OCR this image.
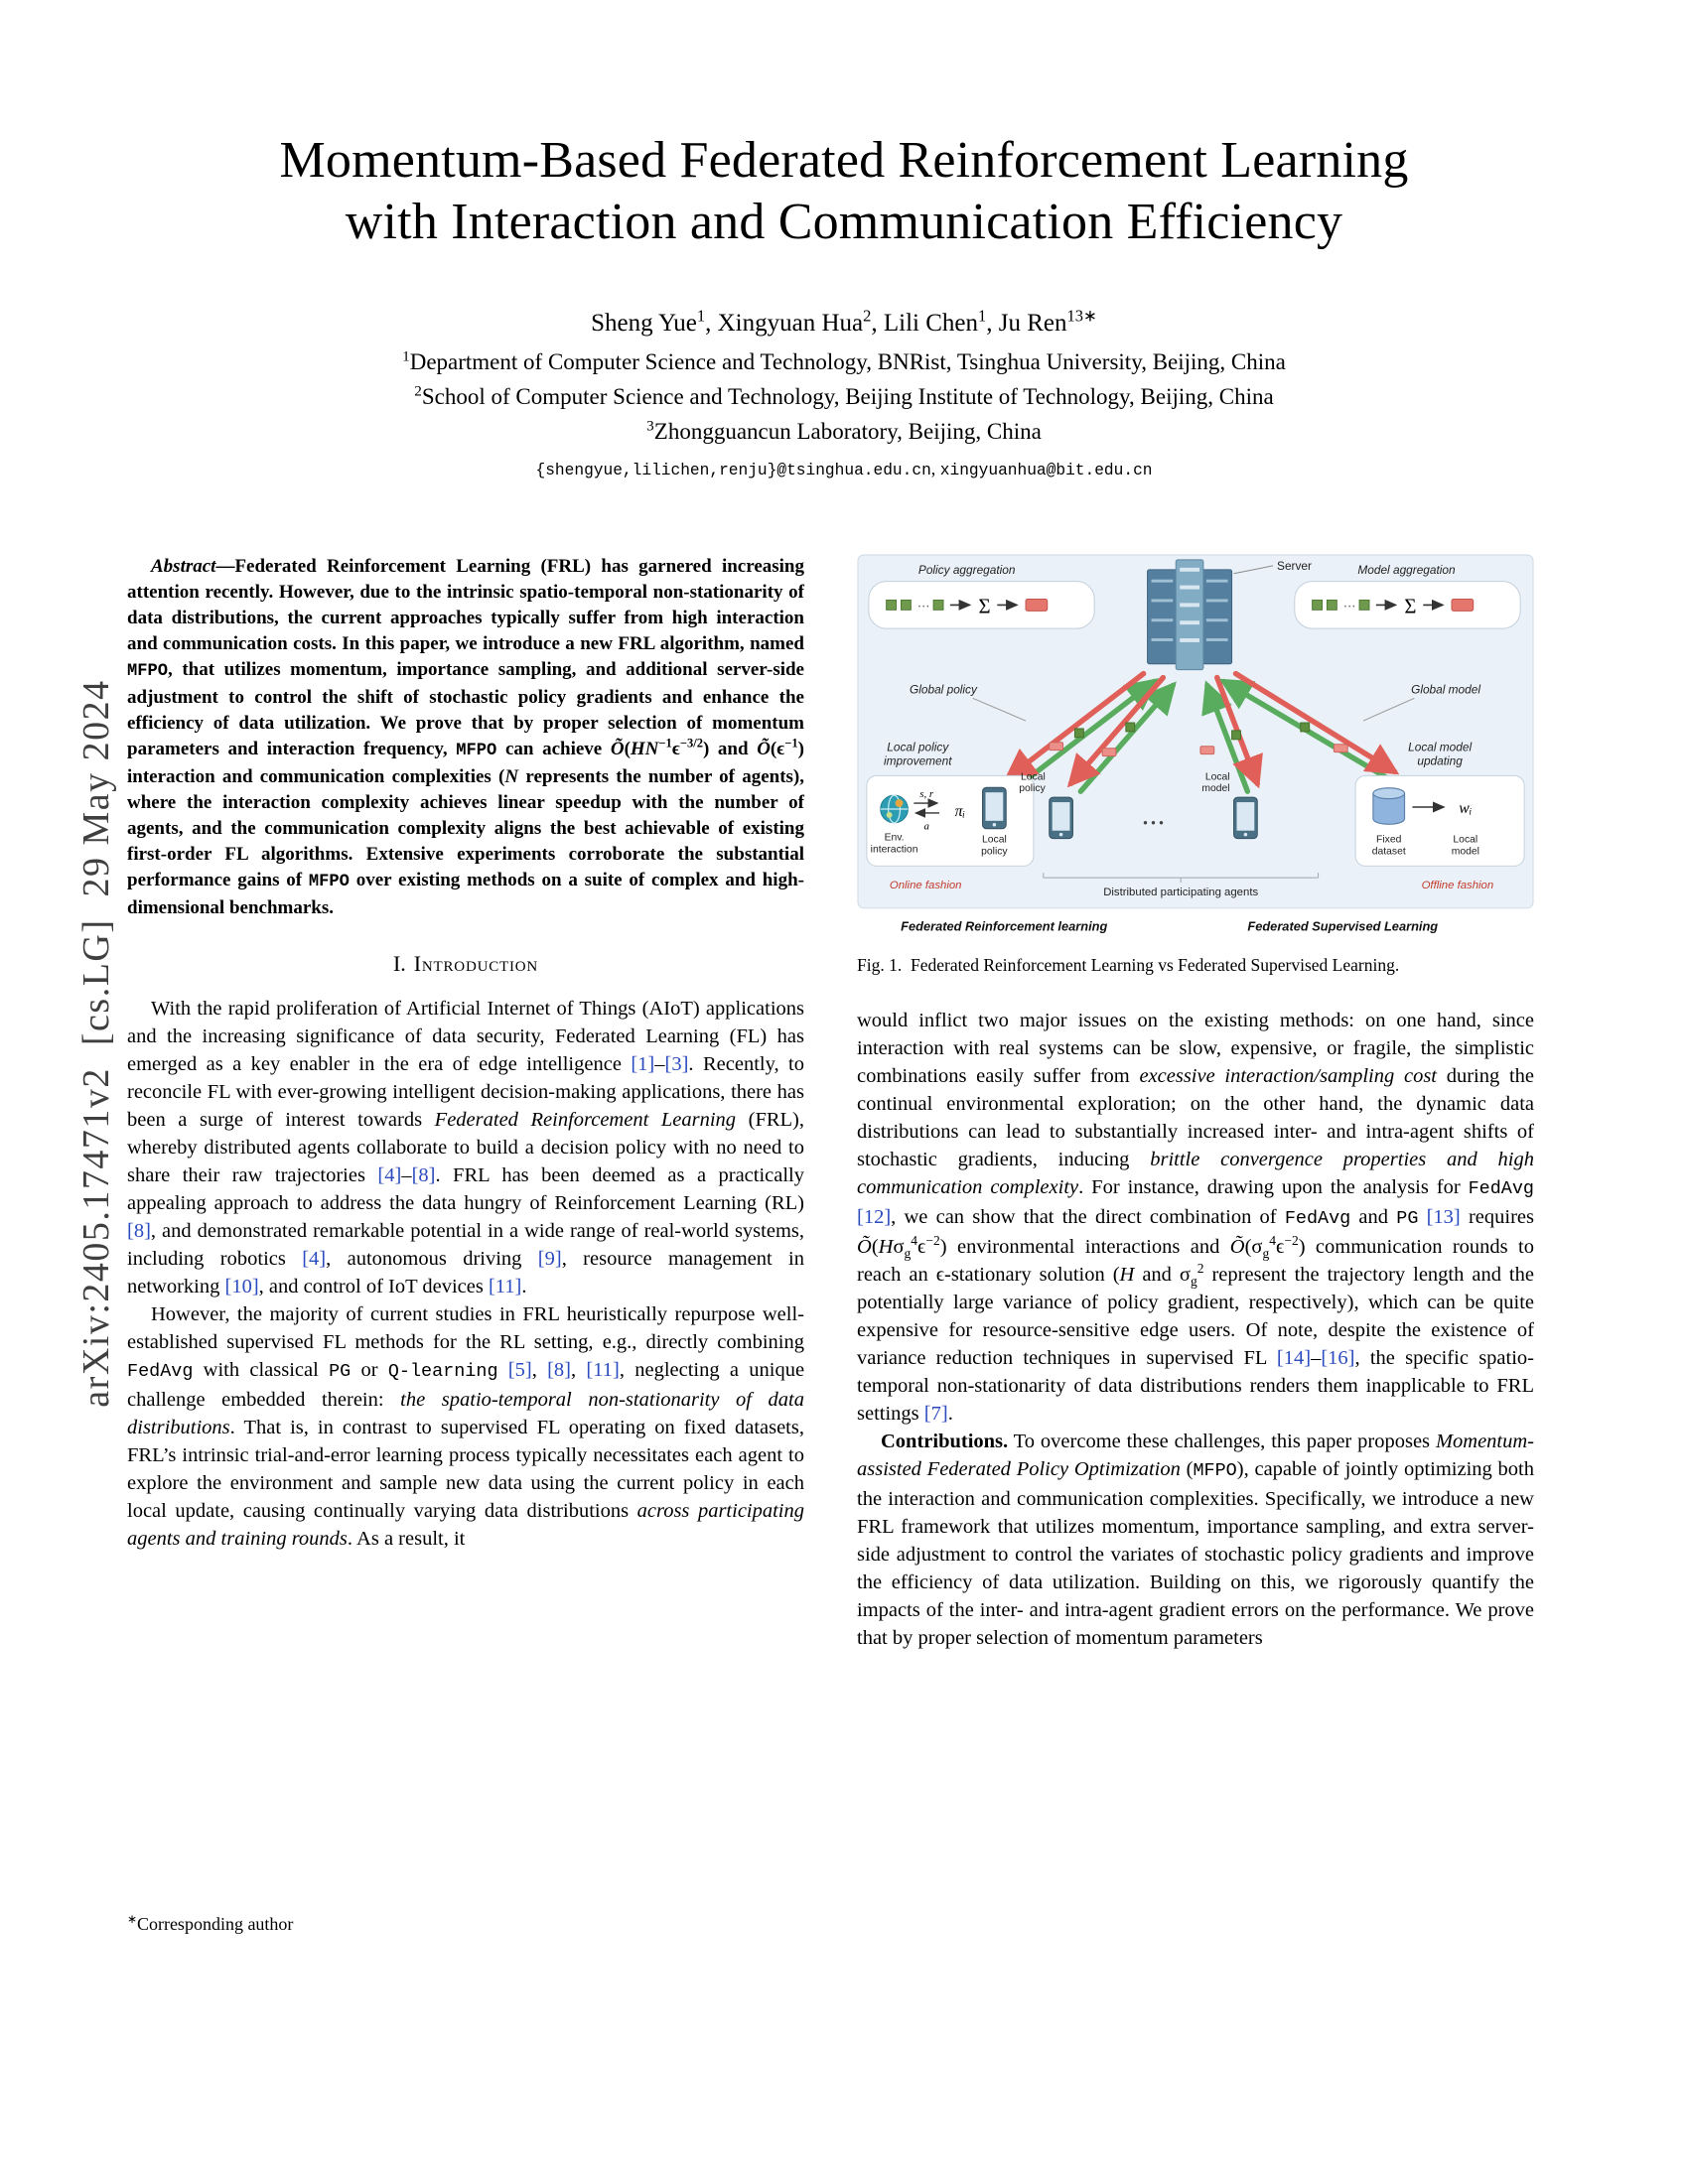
arXiv:2405.17471v2  [cs.LG]  29 May 2024
Momentum-Based Federated Reinforcement Learning
with Interaction and Communication Efficiency
Sheng Yue$^1$, Xingyuan Hua$^2$, Lili Chen$^1$, Ju Ren$^{13∗}$
$^1$Department of Computer Science and Technology, BNRist, Tsinghua University, Beijing, China
$^2$School of Computer Science and Technology, Beijing Institute of Technology, Beijing, China
$^3$Zhongguancun Laboratory, Beijing, China
{shengyue,lilichen,renju}@tsinghua.edu.cn, xingyuanhua@bit.edu.cn

Abstract—Federated Reinforcement Learning (FRL) has garnered increasing attention recently. However, due to the intrinsic spatio-temporal non-stationarity of data distributions, the current approaches typically suffer from high interaction and communication costs. In this paper, we introduce a new FRL algorithm, named MFPO, that utilizes momentum, importance sampling, and additional server-side adjustment to control the shift of stochastic policy gradients and enhance the efficiency of data utilization. We prove that by proper selection of momentum parameters and interaction frequency, MFPO can achieve $Õ(HN^{-1}\epsilon^{-3/2})$ and $Õ(\epsilon^{-1})$ interaction and communication complexities (N represents the number of agents), where the interaction complexity achieves linear speedup with the number of agents, and the communication complexity aligns the best achievable of existing first-order FL algorithms. Extensive experiments corroborate the substantial performance gains of MFPO over existing methods on a suite of complex and high-dimensional benchmarks.

I. Introduction

With the rapid proliferation of Artificial Internet of Things (AIoT) applications and the increasing significance of data security, Federated Learning (FL) has emerged as a key enabler in the era of edge intelligence [1]–[3]. Recently, to reconcile FL with ever-growing intelligent decision-making applications, there has been a surge of interest towards Federated Reinforcement Learning (FRL), whereby distributed agents collaborate to build a decision policy with no need to share their raw trajectories [4]–[8]. FRL has been deemed as a practically appealing approach to address the data hungry of Reinforcement Learning (RL) [8], and demonstrated remarkable potential in a wide range of real-world systems, including robotics [4], autonomous driving [9], resource management in networking [10], and control of IoT devices [11].

However, the majority of current studies in FRL heuristically repurpose well-established supervised FL methods for the RL setting, e.g., directly combining FedAvg with classical PG or Q-learning [5], [8], [11], neglecting a unique challenge embedded therein: the spatio-temporal non-stationarity of data distributions. That is, in contrast to supervised FL operating on fixed datasets, FRL’s intrinsic trial-and-error learning process typically necessitates each agent to explore the environment and sample new data using the current policy in each local update, causing continually varying data distributions across participating agents and training rounds. As a result, it

∗Corresponding author
Server
Policy aggregation
⋯ Σ
Model aggregation
⋯ Σ
Global policy	Global model
Local policy
improvement
Env.
interaction
s, r
a
πᵢ
Local
policy
Local
policy
• • •
Local
model
Local model
updating
Fixed
dataset
wᵢ
Local
model
Online fashion
Distributed participating agents
Offline fashion
Federated Reinforcement learning	Federated Supervised Learning
Fig. 1.  Federated Reinforcement Learning vs Federated Supervised Learning.

would inflict two major issues on the existing methods: on one hand, since interaction with real systems can be slow, expensive, or fragile, the simplistic combinations easily suffer from excessive interaction/sampling cost during the continual environmental exploration; on the other hand, the dynamic data distributions can lead to substantially increased inter- and intra-agent shifts of stochastic gradients, inducing brittle convergence properties and high communication complexity. For instance, drawing upon the analysis for FedAvg [12], we can show that the direct combination of FedAvg and PG [13] requires $Õ(H\sigma_g^4\epsilon^{-2})$ environmental interactions and $Õ(\sigma_g^4\epsilon^{-2})$ communication rounds to reach an ϵ-stationary solution (H and $\sigma_g^2$ represent the trajectory length and the potentially large variance of policy gradient, respectively), which can be quite expensive for resource-sensitive edge users. Of note, despite the existence of variance reduction techniques in supervised FL [14]–[16], the specific spatio-temporal non-stationarity of data distributions renders them inapplicable to FRL settings [7].

Contributions. To overcome these challenges, this paper proposes Momentum-assisted Federated Policy Optimization (MFPO), capable of jointly optimizing both the interaction and communication complexities. Specifically, we introduce a new FRL framework that utilizes momentum, importance sampling, and extra server-side adjustment to control the variates of stochastic policy gradients and improve the efficiency of data utilization. Building on this, we rigorously quantify the impacts of the inter- and intra-agent gradient errors on the performance. We prove that by proper selection of momentum parameters
